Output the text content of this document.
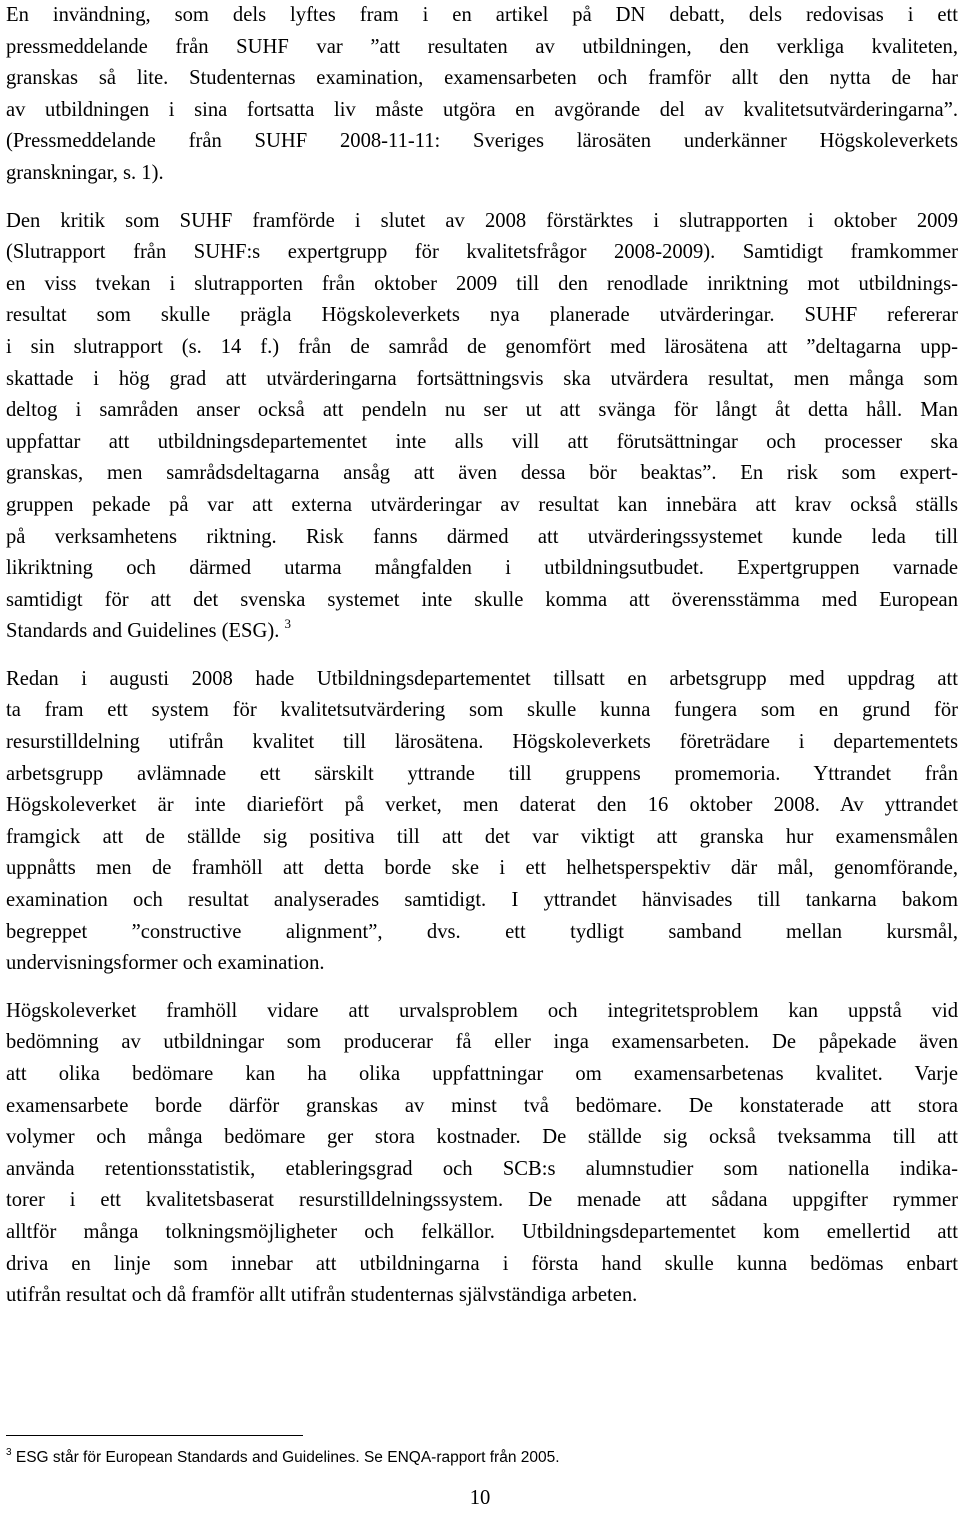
En invändning, som dels lyftes fram i en artikel på DN debatt, dels redovisas i ett
pressmeddelande från SUHF var ”att resultaten av utbildningen, den verkliga kvaliteten,
granskas så lite. Studenternas examination, examensarbeten och framför allt den nytta de har
av utbildningen i sina fortsatta liv måste utgöra en avgörande del av kvalitetsutvärderingarna”.
(Pressmeddelande från SUHF 2008-11-11: Sveriges lärosäten underkänner Högskoleverkets
granskningar, s. 1).

Den kritik som SUHF framförde i slutet av 2008 förstärktes i slutrapporten i oktober 2009
(Slutrapport från SUHF:s expertgrupp för kvalitetsfrågor 2008-2009). Samtidigt framkommer
en viss tvekan i slutrapporten från oktober 2009 till den renodlade inriktning mot utbildnings-
resultat som skulle prägla Högskoleverkets nya planerade utvärderingar. SUHF refererar
i sin slutrapport (s. 14 f.) från de samråd de genomfört med lärosätena att ”deltagarna upp-
skattade i hög grad att utvärderingarna fortsättningsvis ska utvärdera resultat, men många som
deltog i samråden anser också att pendeln nu ser ut att svänga för långt åt detta håll. Man
uppfattar att utbildningsdepartementet inte alls vill att förutsättningar och processer ska
granskas, men samrådsdeltagarna ansåg att även dessa bör beaktas”. En risk som expert-
gruppen pekade på var att externa utvärderingar av resultat kan innebära att krav också ställs
på verksamhetens riktning. Risk fanns därmed att utvärderingssystemet kunde leda till
likriktning och därmed utarma mångfalden i utbildningsutbudet. Expertgruppen varnade
samtidigt för att det svenska systemet inte skulle komma att överensstämma med European
Standards and Guidelines (ESG). $^3$

Redan i augusti 2008 hade Utbildningsdepartementet tillsatt en arbetsgrupp med uppdrag att
ta fram ett system för kvalitetsutvärdering som skulle kunna fungera som en grund för
resurstilldelning utifrån kvalitet till lärosätena. Högskoleverkets företrädare i departementets
arbetsgrupp avlämnade ett särskilt yttrande till gruppens promemoria. Yttrandet från
Högskoleverket är inte diariefört på verket, men daterat den 16 oktober 2008. Av yttrandet
framgick att de ställde sig positiva till att det var viktigt att granska hur examensmålen
uppnåtts men de framhöll att detta borde ske i ett helhetsperspektiv där mål, genomförande,
examination och resultat analyserades samtidigt. I yttrandet hänvisades till tankarna bakom
begreppet ”constructive alignment”, dvs. ett tydligt samband mellan kursmål,
undervisningsformer och examination.

Högskoleverket framhöll vidare att urvalsproblem och integritetsproblem kan uppstå vid
bedömning av utbildningar som producerar få eller inga examensarbeten. De påpekade även
att olika bedömare kan ha olika uppfattningar om examensarbetenas kvalitet. Varje
examensarbete borde därför granskas av minst två bedömare. De konstaterade att stora
volymer och många bedömare ger stora kostnader. De ställde sig också tveksamma till att
använda retentionsstatistik, etableringsgrad och SCB:s alumnstudier som nationella indika-
torer i ett kvalitetsbaserat resurstilldelningssystem. De menade att sådana uppgifter rymmer
alltför många tolkningsmöjligheter och felkällor. Utbildningsdepartementet kom emellertid att
driva en linje som innebar att utbildningarna i första hand skulle kunna bedömas enbart
utifrån resultat och då framför allt utifrån studenternas självständiga arbeten.

$^3$ ESG står för European Standards and Guidelines. Se ENQA-rapport från 2005.
10
